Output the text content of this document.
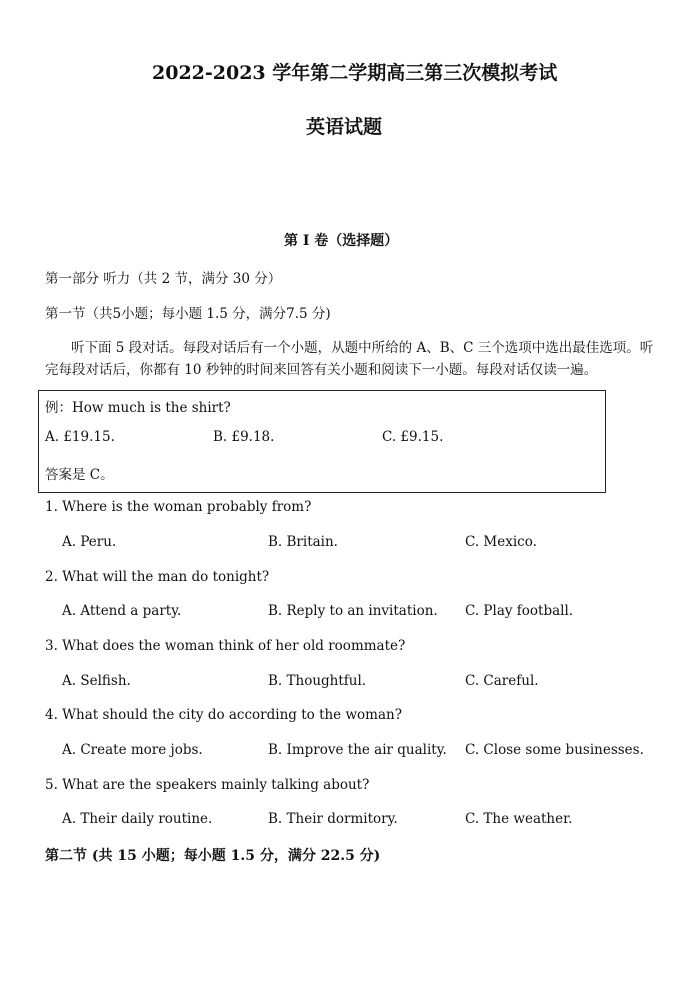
2022-2023 学年第二学期高三第三次模拟考试
英语试题
第 I 卷（选择题）
第一部分 听力（共 2 节，满分 30 分）
第一节（共5小题；每小题 1.5 分，满分7.5 分)
听下面 5 段对话。每段对话后有一个小题，从题中所给的 A、B、C 三个选项中选出最佳选项。听完每段对话后，你都有 10 秒钟的时间来回答有关小题和阅读下一小题。每段对话仅读一遍。
例：How much is the shirt?
A. £19.15.	B. £9.18.	C. £9.15.
答案是 C。
1. Where is the woman probably from?
A. Peru.	B. Britain.	C. Mexico.
2. What will the man do tonight?
A. Attend a party.	B. Reply to an invitation. C. Play football.
3. What does the woman think of her old roommate?
A. Selfish.	B. Thoughtful.	C. Careful.
4. What should the city do according to the woman?
A. Create more jobs.	B. Improve the air quality. C. Close some businesses.
5. What are the speakers mainly talking about?
A. Their daily routine.	B. Their dormitory.	C. The weather.
第二节 (共 15 小题；每小题 1.5 分，满分 22.5 分)
